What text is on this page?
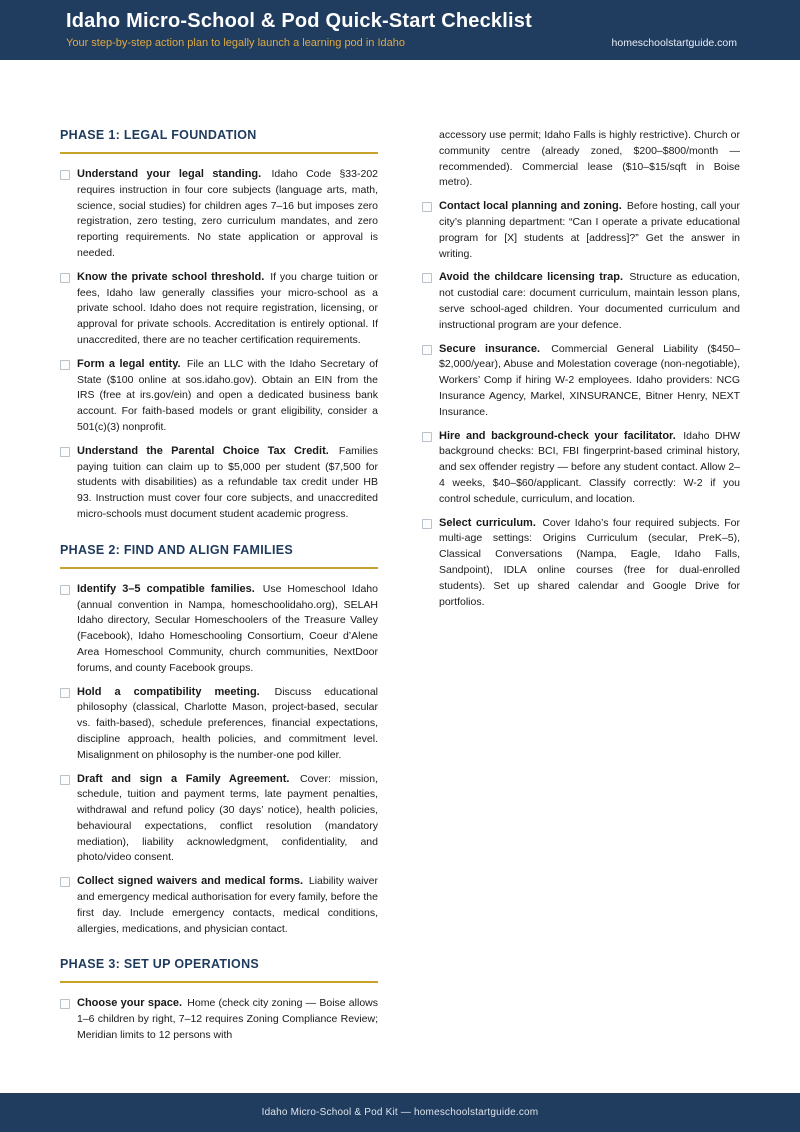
Idaho Micro-School & Pod Quick-Start Checklist
Your step-by-step action plan to legally launch a learning pod in Idaho	homeschoolstartguide.com
PHASE 1: LEGAL FOUNDATION
Understand your legal standing. Idaho Code §33-202 requires instruction in four core subjects (language arts, math, science, social studies) for children ages 7–16 but imposes zero registration, zero testing, zero curriculum mandates, and zero reporting requirements. No state application or approval is needed.
Know the private school threshold. If you charge tuition or fees, Idaho law generally classifies your micro-school as a private school. Idaho does not require registration, licensing, or approval for private schools. Accreditation is entirely optional. If unaccredited, there are no teacher certification requirements.
Form a legal entity. File an LLC with the Idaho Secretary of State ($100 online at sos.idaho.gov). Obtain an EIN from the IRS (free at irs.gov/ein) and open a dedicated business bank account. For faith-based models or grant eligibility, consider a 501(c)(3) nonprofit.
Understand the Parental Choice Tax Credit. Families paying tuition can claim up to $5,000 per student ($7,500 for students with disabilities) as a refundable tax credit under HB 93. Instruction must cover four core subjects, and unaccredited micro-schools must document student academic progress.
PHASE 2: FIND AND ALIGN FAMILIES
Identify 3–5 compatible families. Use Homeschool Idaho (annual convention in Nampa, homeschoolidaho.org), SELAH Idaho directory, Secular Homeschoolers of the Treasure Valley (Facebook), Idaho Homeschooling Consortium, Coeur d’Alene Area Homeschool Community, church communities, NextDoor forums, and county Facebook groups.
Hold a compatibility meeting. Discuss educational philosophy (classical, Charlotte Mason, project-based, secular vs. faith-based), schedule preferences, financial expectations, discipline approach, health policies, and commitment level. Misalignment on philosophy is the number-one pod killer.
Draft and sign a Family Agreement. Cover: mission, schedule, tuition and payment terms, late payment penalties, withdrawal and refund policy (30 days’ notice), health policies, behavioural expectations, conflict resolution (mandatory mediation), liability acknowledgment, confidentiality, and photo/video consent.
Collect signed waivers and medical forms. Liability waiver and emergency medical authorisation for every family, before the first day. Include emergency contacts, medical conditions, allergies, medications, and physician contact.
PHASE 3: SET UP OPERATIONS
Choose your space. Home (check city zoning — Boise allows 1–6 children by right, 7–12 requires Zoning Compliance Review; Meridian limits to 12 persons with
accessory use permit; Idaho Falls is highly restrictive). Church or community centre (already zoned, $200–$800/month — recommended). Commercial lease ($10–$15/sqft in Boise metro).
Contact local planning and zoning. Before hosting, call your city’s planning department: “Can I operate a private educational program for [X] students at [address]?” Get the answer in writing.
Avoid the childcare licensing trap. Structure as education, not custodial care: document curriculum, maintain lesson plans, serve school-aged children. Your documented curriculum and instructional program are your defence.
Secure insurance. Commercial General Liability ($450–$2,000/year), Abuse and Molestation coverage (non-negotiable), Workers’ Comp if hiring W-2 employees. Idaho providers: NCG Insurance Agency, Markel, XINSURANCE, Bitner Henry, NEXT Insurance.
Hire and background-check your facilitator. Idaho DHW background checks: BCI, FBI fingerprint-based criminal history, and sex offender registry — before any student contact. Allow 2–4 weeks, $40–$60/applicant. Classify correctly: W-2 if you control schedule, curriculum, and location.
Select curriculum. Cover Idaho’s four required subjects. For multi-age settings: Origins Curriculum (secular, PreK–5), Classical Conversations (Nampa, Eagle, Idaho Falls, Sandpoint), IDLA online courses (free for dual-enrolled students). Set up shared calendar and Google Drive for portfolios.
Idaho Micro-School & Pod Kit — homeschoolstartguide.com
